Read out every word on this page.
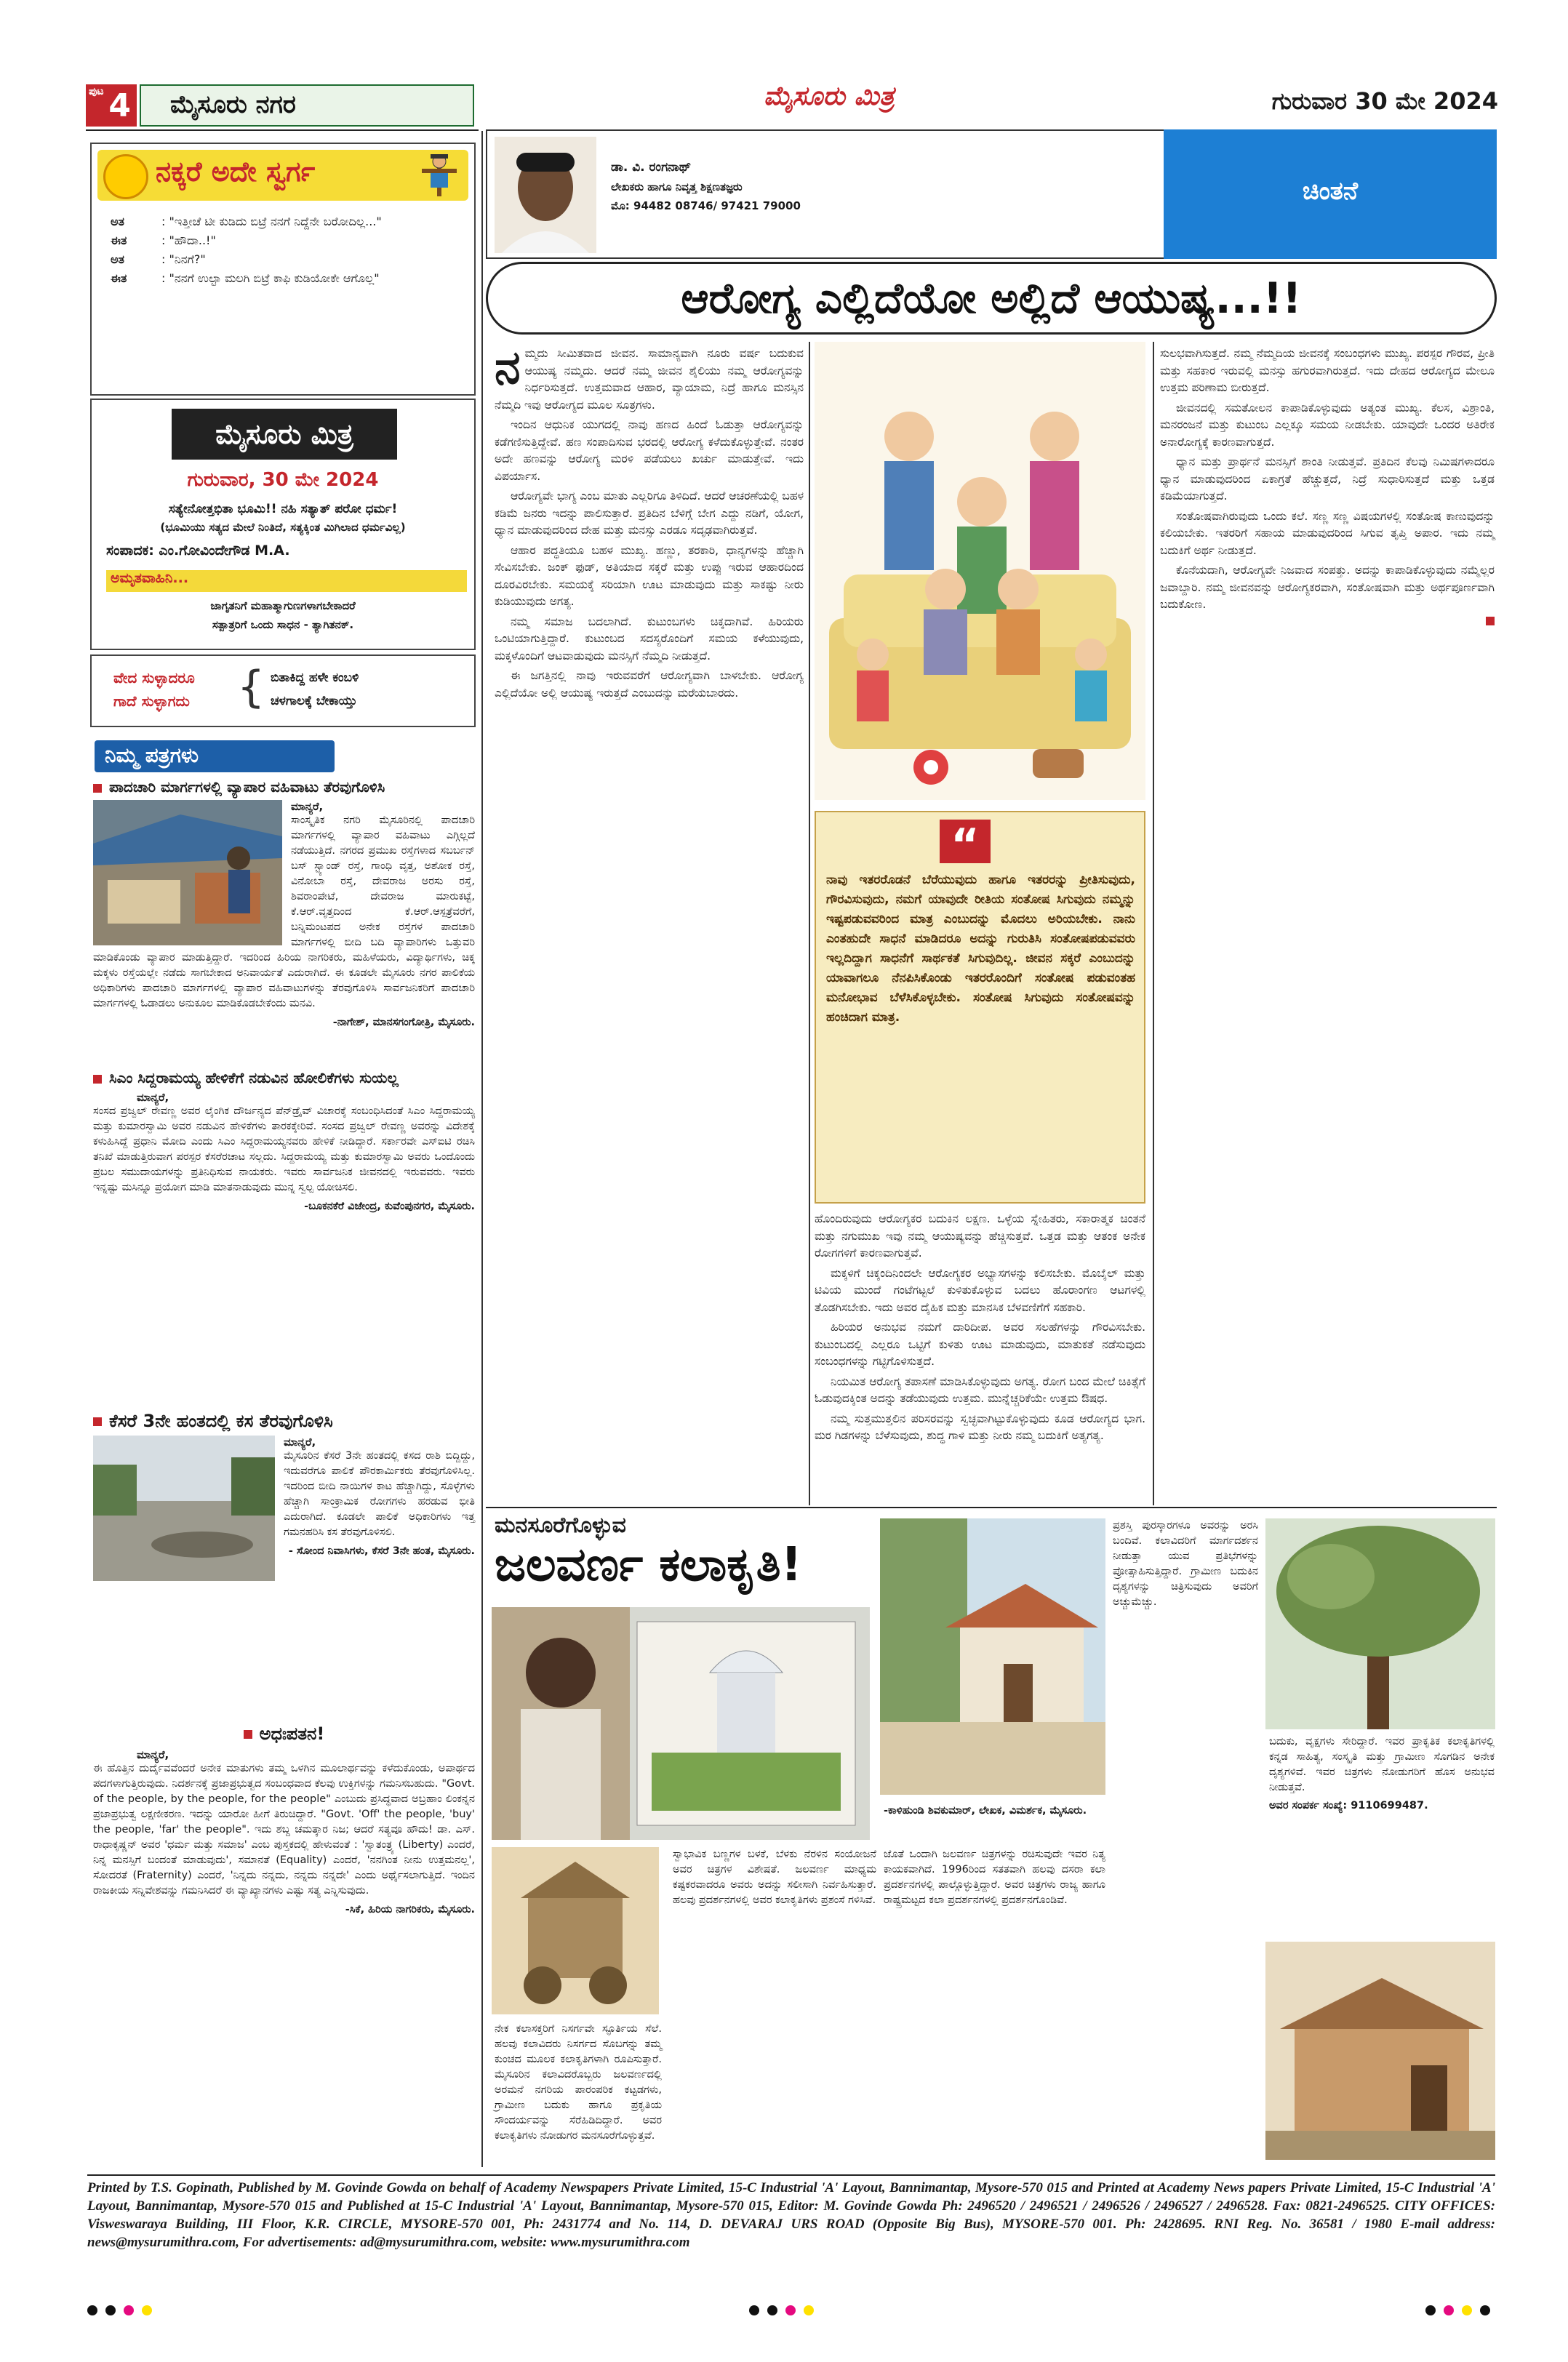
ಪುಟ 4	ಮೈಸೂರು ನಗರ	ಮೈಸೂರು ಮಿತ್ರ	ಗುರುವಾರ 30 ಮೇ 2024
ನಕ್ಕರೆ ಅದೇ ಸ್ವರ್ಗ
ಅತ	: "ಇತ್ತೀಚೆ ಟೀ ಕುಡಿದು ಬಿಟ್ರೆ ನನಗೆ ನಿದ್ದೆನೇ ಬರೋದಿಲ್ಲ..."
ಈತ	: "ಹೌದಾ..!"
ಅತ	: "ನಿನಗೆ?"
ಈತ	: "ನನಗೆ ಉಲ್ಟಾ ಮಲಗಿ ಬಿಟ್ರೆ ಕಾಫಿ ಕುಡಿಯೋಕೇ ಆಗೊಲ್ಲ"
ಮೈಸೂರು ಮಿತ್ರ
ಗುರುವಾರ, 30 ಮೇ 2024
ಸತ್ಯೇನೋತ್ತಭಿತಾ ಭೂಮಿ!! ನಹಿ ಸತ್ಯಾತ್ ಪರೋ ಧರ್ಮ!
(ಭೂಮಿಯು ಸತ್ಯದ ಮೇಲೆ ನಿಂತಿದೆ, ಸತ್ಯಕ್ಕಿಂತ ಮಿಗಿಲಾದ ಧರ್ಮವಿಲ್ಲ)
ಸಂಪಾದಕ: ಎಂ.ಗೋವಿಂದೇಗೌಡ M.A.
ಅಮೃತವಾಹಿನಿ...
ಜಾಗೃತನಿಗೆ ಮಹಾತ್ಮಾಗುಣಗಳಾಗಬೇಕಾದರೆ
ಸತ್ಪಾತ್ರರಿಗೆ ಒಂದು ಸಾಧನ - ತ್ಯಾಗಿತನಕ್.
ವೇದ ಸುಳ್ಳಾದರೂ
ಗಾದೆ ಸುಳ್ಳಾಗದು { ಬಿತಾಕಿದ್ದ ಹಳೇ ಕಂಬಳಿ
ಚಳಗಾಲಕ್ಕೆ ಬೇಕಾಯ್ತು
ನಿಮ್ಮ ಪತ್ರಗಳು
ಪಾದಚಾರಿ ಮಾರ್ಗಗಳಲ್ಲಿ ವ್ಯಾಪಾರ ವಹಿವಾಟು ತೆರವುಗೊಳಿಸಿ

ಮಾನ್ಯರೆ,

ಸಾಂಸ್ಕೃತಿಕ ನಗರಿ ಮೈಸೂರಿನಲ್ಲಿ ಪಾದಚಾರಿ ಮಾರ್ಗಗಳಲ್ಲಿ ವ್ಯಾಪಾರ ವಹಿವಾಟು ಎಗ್ಗಿಲ್ಲದೆ ನಡೆಯುತ್ತಿದೆ. ನಗರದ ಪ್ರಮುಖ ರಸ್ತೆಗಳಾದ ಸಬರ್ಬನ್ ಬಸ್ ಸ್ಟ್ಯಾಂಡ್ ರಸ್ತೆ, ಗಾಂಧಿ ವೃತ್ತ, ಅಶೋಕ ರಸ್ತೆ, ವಿನೋಬಾ ರಸ್ತೆ, ದೇವರಾಜ ಅರಸು ರಸ್ತೆ, ಶಿವರಾಂಪೇಟೆ, ದೇವರಾಜ ಮಾರುಕಟ್ಟೆ, ಕೆ.ಆರ್.ವೃತ್ತದಿಂದ ಕೆ.ಆರ್.ಆಸ್ಪತ್ರೆವರೆಗೆ, ಬನ್ನಿಮಂಟಪದ ಅನೇಕ ರಸ್ತೆಗಳ ಪಾದಚಾರಿ ಮಾರ್ಗಗಳಲ್ಲಿ ಬೀದಿ ಬದಿ ವ್ಯಾಪಾರಿಗಳು ಒತ್ತುವರಿ ಮಾಡಿಕೊಂಡು ವ್ಯಾಪಾರ ಮಾಡುತ್ತಿದ್ದಾರೆ. ಇದರಿಂದ ಹಿರಿಯ ನಾಗರಿಕರು, ಮಹಿಳೆಯರು, ವಿದ್ಯಾರ್ಥಿಗಳು, ಚಿಕ್ಕ ಮಕ್ಕಳು ರಸ್ತೆಯಲ್ಲೇ ನಡೆದು ಸಾಗಬೇಕಾದ ಅನಿವಾರ್ಯತೆ ಎದುರಾಗಿದೆ. ಈ ಕೂಡಲೇ ಮೈಸೂರು ನಗರ ಪಾಲಿಕೆಯ ಅಧಿಕಾರಿಗಳು ಪಾದಚಾರಿ ಮಾರ್ಗಗಳಲ್ಲಿ ವ್ಯಾಪಾರ ವಹಿವಾಟುಗಳನ್ನು ತೆರವುಗೊಳಿಸಿ ಸಾರ್ವಜನಿಕರಿಗೆ ಪಾದಚಾರಿ ಮಾರ್ಗಗಳಲ್ಲಿ ಓಡಾಡಲು ಅನುಕೂಲ ಮಾಡಿಕೊಡಬೇಕೆಂದು ಮನವಿ.

-ನಾಗೇಶ್, ಮಾನಸಗಂಗೋತ್ರಿ, ಮೈಸೂರು.

ಸಿಎಂ ಸಿದ್ದರಾಮಯ್ಯ ಹೇಳಿಕೆಗೆ ನಡುವಿನ ಹೋಲಿಕೆಗಳು ಸುಯಲ್ಲ

ಮಾನ್ಯರೆ,

ಸಂಸದ ಪ್ರಜ್ವಲ್ ರೇವಣ್ಣ ಅವರ ಲೈಂಗಿಕ ದೌರ್ಜನ್ಯದ ಪೆನ್‌ಡ್ರೈವ್ ವಿಚಾರಕ್ಕೆ ಸಂಬಂಧಿಸಿದಂತೆ ಸಿಎಂ ಸಿದ್ದರಾಮಯ್ಯ ಮತ್ತು ಕುಮಾರಸ್ವಾಮಿ ಅವರ ನಡುವಿನ ಹೇಳಿಕೆಗಳು ತಾರಕಕ್ಕೇರಿವೆ. ಸಂಸದ ಪ್ರಜ್ವಲ್ ರೇವಣ್ಣ ಅವರನ್ನು ವಿದೇಶಕ್ಕೆ ಕಳುಹಿಸಿದ್ದೆ ಪ್ರಧಾನಿ ಮೋದಿ ಎಂದು ಸಿಎಂ ಸಿದ್ದರಾಮಯ್ಯನವರು ಹೇಳಿಕೆ ನೀಡಿದ್ದಾರೆ. ಸರ್ಕಾರವೇ ಎಸ್‌ಐಟಿ ರಚಿಸಿ ತನಿಖೆ ಮಾಡುತ್ತಿರುವಾಗ ಪರಸ್ಪರ ಕೆಸರೆರಚಾಟ ಸಲ್ಲದು. ಸಿದ್ದರಾಮಯ್ಯ ಮತ್ತು ಕುಮಾರಸ್ವಾಮಿ ಅವರು ಒಂದೊಂದು ಪ್ರಬಲ ಸಮುದಾಯಗಳನ್ನು ಪ್ರತಿನಿಧಿಸುವ ನಾಯಕರು. ಇವರು ಸಾರ್ವಜನಿಕ ಜೀವನದಲ್ಲಿ ಇರುವವರು. ಇವರು ಇನ್ನಷ್ಟು ಮಸಿನ್ನೂ ಪ್ರಯೋಗ ಮಾಡಿ ಮಾತನಾಡುವುದು ಮುನ್ನ ಸ್ವಲ್ಪ ಯೋಚಿಸಲಿ.

-ಬೂಕನಕೆರೆ ವಿಜೇಂದ್ರ, ಕುವೆಂಪುನಗರ, ಮೈಸೂರು.

ಕೆಸರೆ 3ನೇ ಹಂತದಲ್ಲಿ ಕಸ ತೆರವುಗೊಳಿಸಿ

ಮಾನ್ಯರೆ,

ಮೈಸೂರಿನ ಕೆಸರೆ 3ನೇ ಹಂತದಲ್ಲಿ ಕಸದ ರಾಶಿ ಬಿದ್ದಿದ್ದು, ಇದುವರೆಗೂ ಪಾಲಿಕೆ ಪೌರಕಾರ್ಮಿಕರು ತೆರವುಗೊಳಿಸಿಲ್ಲ. ಇದರಿಂದ ಬೀದಿ ನಾಯಿಗಳ ಕಾಟ ಹೆಚ್ಚಾಗಿದ್ದು, ಸೊಳ್ಳೆಗಳು ಹೆಚ್ಚಾಗಿ ಸಾಂಕ್ರಾಮಿಕ ರೋಗಗಳು ಹರಡುವ ಭೀತಿ ಎದುರಾಗಿದೆ. ಕೂಡಲೇ ಪಾಲಿಕೆ ಅಧಿಕಾರಿಗಳು ಇತ್ತ ಗಮನಹರಿಸಿ ಕಸ ತೆರವುಗೊಳಿಸಲಿ.

- ಸೋಂದ ನಿವಾಸಿಗಳು, ಕೆಸರೆ 3ನೇ ಹಂತ, ಮೈಸೂರು.

ಅಧಃಪತನ!

ಮಾನ್ಯರೆ,

ಈ ಹೊತ್ತಿನ ದುರ್ದೈವವೆಂದರೆ ಅನೇಕ ಮಾತುಗಳು ತಮ್ಮ ಒಳಗಿನ ಮೂಲಾರ್ಥವನ್ನು ಕಳೆದುಕೊಂಡು, ಅಪಾರ್ಥದ ಪದಗಳಾಗುತ್ತಿರುವುದು. ನಿದರ್ಶನಕ್ಕೆ ಪ್ರಜಾಪ್ರಭುತ್ವದ ಸಂಬಂಧವಾದ ಕೆಲವು ಉಕ್ತಿಗಳನ್ನು ಗಮನಿಸಬಹುದು. "Govt. of the people, by the people, for the people" ಎಂಬುದು ಪ್ರಸಿದ್ಧವಾದ ಅಬ್ರಹಾಂ ಲಿಂಕನ್ನನ ಪ್ರಜಾಪ್ರಭುತ್ವ ಲಕ್ಷಣೀಕರಣ. ಇದನ್ನು ಯಾರೋ ಹೀಗೆ ತಿರುಚಿದ್ದಾರೆ. "Govt. 'Off' the people, 'buy' the people, 'far' the people". ಇದು ಶಬ್ದ ಚಮತ್ಕಾರ ನಿಜ; ಆದರೆ ಸತ್ಯವೂ ಹೌದು! ಡಾ. ಎಸ್. ರಾಧಾಕೃಷ್ಣನ್ ಅವರ 'ಧರ್ಮ ಮತ್ತು ಸಮಾಜ' ಎಂಬ ಪುಸ್ತಕದಲ್ಲಿ ಹೇಳುವಂತೆ : 'ಸ್ವಾತಂತ್ರ್ಯ (Liberty) ಎಂದರೆ, ನಿನ್ನ ಮನಸ್ಸಿಗೆ ಬಂದಂತೆ ಮಾಡುವುದು', ಸಮಾನತೆ (Equality) ಎಂದರೆ, 'ನನಗಿಂತ ನೀನು ಉತ್ತಮನಲ್ಲ', ಸೋದರತೆ (Fraternity) ಎಂದರೆ, 'ನಿನ್ನದು ನನ್ನದು, ನನ್ನದು ನನ್ನದೇ' ಎಂದು ಅರ್ಥೈಸಲಾಗುತ್ತಿದೆ. ಇಂದಿನ ರಾಜಕೀಯ ಸನ್ನಿವೇಶವನ್ನು ಗಮನಿಸಿದರೆ ಈ ವ್ಯಾಖ್ಯಾನಗಳು ಎಷ್ಟು ಸತ್ಯ ಎನ್ನಿಸುವುದು.

-ಸಿಕೆ, ಹಿರಿಯ ನಾಗರಿಕರು, ಮೈಸೂರು.

ಡಾ. ವಿ. ರಂಗನಾಥ್
ಲೇಖಕರು ಹಾಗೂ ನಿವೃತ್ತ ಶಿಕ್ಷಣತಜ್ಞರು
ಮೊ: 94482 08746/ 97421 79000	ಚಿಂತನೆ
ಆರೋಗ್ಯ ಎಲ್ಲಿದೆಯೋ ಅಲ್ಲಿದೆ ಆಯುಷ್ಯ...!!
ನ ಮ್ಮದು ಸೀಮಿತವಾದ ಜೀವನ. ಸಾಮಾನ್ಯವಾಗಿ ನೂರು ವರ್ಷ ಬದುಕುವ ಆಯುಷ್ಯ ನಮ್ಮದು. ಆದರೆ ನಮ್ಮ ಜೀವನ ಶೈಲಿಯು ನಮ್ಮ ಆರೋಗ್ಯವನ್ನು ನಿರ್ಧರಿಸುತ್ತದೆ. ಉತ್ತಮವಾದ ಆಹಾರ, ವ್ಯಾಯಾಮ, ನಿದ್ರೆ ಹಾಗೂ ಮನಸ್ಸಿನ ನೆಮ್ಮದಿ ಇವು ಆರೋಗ್ಯದ ಮೂಲ ಸೂತ್ರಗಳು.

ಇಂದಿನ ಆಧುನಿಕ ಯುಗದಲ್ಲಿ ನಾವು ಹಣದ ಹಿಂದೆ ಓಡುತ್ತಾ ಆರೋಗ್ಯವನ್ನು ಕಡೆಗಣಿಸುತ್ತಿದ್ದೇವೆ. ಹಣ ಸಂಪಾದಿಸುವ ಭರದಲ್ಲಿ ಆರೋಗ್ಯ ಕಳೆದುಕೊಳ್ಳುತ್ತೇವೆ. ನಂತರ ಅದೇ ಹಣವನ್ನು ಆರೋಗ್ಯ ಮರಳಿ ಪಡೆಯಲು ಖರ್ಚು ಮಾಡುತ್ತೇವೆ. ಇದು ವಿಪರ್ಯಾಸ.

ಆರೋಗ್ಯವೇ ಭಾಗ್ಯ ಎಂಬ ಮಾತು ಎಲ್ಲರಿಗೂ ತಿಳಿದಿದೆ. ಆದರೆ ಆಚರಣೆಯಲ್ಲಿ ಬಹಳ ಕಡಿಮೆ ಜನರು ಇದನ್ನು ಪಾಲಿಸುತ್ತಾರೆ. ಪ್ರತಿದಿನ ಬೆಳಿಗ್ಗೆ ಬೇಗ ಎದ್ದು ನಡಿಗೆ, ಯೋಗ, ಧ್ಯಾನ ಮಾಡುವುದರಿಂದ ದೇಹ ಮತ್ತು ಮನಸ್ಸು ಎರಡೂ ಸದೃಢವಾಗಿರುತ್ತವೆ.

ಆಹಾರ ಪದ್ಧತಿಯೂ ಬಹಳ ಮುಖ್ಯ. ಹಣ್ಣು, ತರಕಾರಿ, ಧಾನ್ಯಗಳನ್ನು ಹೆಚ್ಚಾಗಿ ಸೇವಿಸಬೇಕು. ಜಂಕ್ ಫುಡ್, ಅತಿಯಾದ ಸಕ್ಕರೆ ಮತ್ತು ಉಪ್ಪು ಇರುವ ಆಹಾರದಿಂದ ದೂರವಿರಬೇಕು. ಸಮಯಕ್ಕೆ ಸರಿಯಾಗಿ ಊಟ ಮಾಡುವುದು ಮತ್ತು ಸಾಕಷ್ಟು ನೀರು ಕುಡಿಯುವುದು ಅಗತ್ಯ.

ನಮ್ಮ ಸಮಾಜ ಬದಲಾಗಿದೆ. ಕುಟುಂಬಗಳು ಚಿಕ್ಕದಾಗಿವೆ. ಹಿರಿಯರು ಒಂಟಿಯಾಗುತ್ತಿದ್ದಾರೆ. ಕುಟುಂಬದ ಸದಸ್ಯರೊಂದಿಗೆ ಸಮಯ ಕಳೆಯುವುದು, ಮಕ್ಕಳೊಂದಿಗೆ ಆಟವಾಡುವುದು ಮನಸ್ಸಿಗೆ ನೆಮ್ಮದಿ ನೀಡುತ್ತದೆ.

ಈ ಜಗತ್ತಿನಲ್ಲಿ ನಾವು ಇರುವವರೆಗೆ ಆರೋಗ್ಯವಾಗಿ ಬಾಳಬೇಕು. ಆರೋಗ್ಯ ಎಲ್ಲಿದೆಯೋ ಅಲ್ಲಿ ಆಯುಷ್ಯ ಇರುತ್ತದೆ ಎಂಬುದನ್ನು ಮರೆಯಬಾರದು.

“
ನಾವು ಇತರರೊಡನೆ ಬೆರೆಯುವುದು ಹಾಗೂ ಇತರರನ್ನು ಪ್ರೀತಿಸುವುದು, ಗೌರವಿಸುವುದು, ನಮಗೆ ಯಾವುದೇ ರೀತಿಯ ಸಂತೋಷ ಸಿಗುವುದು ನಮ್ಮನ್ನು ಇಷ್ಟಪಡುವವರಿಂದ ಮಾತ್ರ ಎಂಬುದನ್ನು ಮೊದಲು ಅರಿಯಬೇಕು. ನಾನು ಎಂತಹುದೇ ಸಾಧನೆ ಮಾಡಿದರೂ ಅದನ್ನು ಗುರುತಿಸಿ ಸಂತೋಷಪಡುವವರು ಇಲ್ಲದಿದ್ದಾಗ ಸಾಧನೆಗೆ ಸಾರ್ಥಕತೆ ಸಿಗುವುದಿಲ್ಲ. ಜೀವನ ಸಕ್ಕರೆ ಎಂಬುದನ್ನು ಯಾವಾಗಲೂ ನೆನಪಿಸಿಕೊಂಡು ಇತರರೊಂದಿಗೆ ಸಂತೋಷ ಪಡುವಂತಹ ಮನೋಭಾವ ಬೆಳೆಸಿಕೊಳ್ಳಬೇಕು. ಸಂತೋಷ ಸಿಗುವುದು ಸಂತೋಷವನ್ನು ಹಂಚಿದಾಗ ಮಾತ್ರ.

ಹೊಂದಿರುವುದು ಆರೋಗ್ಯಕರ ಬದುಕಿನ ಲಕ್ಷಣ. ಒಳ್ಳೆಯ ಸ್ನೇಹಿತರು, ಸಕಾರಾತ್ಮಕ ಚಿಂತನೆ ಮತ್ತು ನಗುಮುಖ ಇವು ನಮ್ಮ ಆಯುಷ್ಯವನ್ನು ಹೆಚ್ಚಿಸುತ್ತವೆ. ಒತ್ತಡ ಮತ್ತು ಆತಂಕ ಅನೇಕ ರೋಗಗಳಿಗೆ ಕಾರಣವಾಗುತ್ತವೆ.

ಮಕ್ಕಳಿಗೆ ಚಿಕ್ಕಂದಿನಿಂದಲೇ ಆರೋಗ್ಯಕರ ಅಭ್ಯಾಸಗಳನ್ನು ಕಲಿಸಬೇಕು. ಮೊಬೈಲ್ ಮತ್ತು ಟಿವಿಯ ಮುಂದೆ ಗಂಟೆಗಟ್ಟಲೆ ಕುಳಿತುಕೊಳ್ಳುವ ಬದಲು ಹೊರಾಂಗಣ ಆಟಗಳಲ್ಲಿ ತೊಡಗಿಸಬೇಕು. ಇದು ಅವರ ದೈಹಿಕ ಮತ್ತು ಮಾನಸಿಕ ಬೆಳವಣಿಗೆಗೆ ಸಹಕಾರಿ.

ಹಿರಿಯರ ಅನುಭವ ನಮಗೆ ದಾರಿದೀಪ. ಅವರ ಸಲಹೆಗಳನ್ನು ಗೌರವಿಸಬೇಕು. ಕುಟುಂಬದಲ್ಲಿ ಎಲ್ಲರೂ ಒಟ್ಟಿಗೆ ಕುಳಿತು ಊಟ ಮಾಡುವುದು, ಮಾತುಕತೆ ನಡೆಸುವುದು ಸಂಬಂಧಗಳನ್ನು ಗಟ್ಟಿಗೊಳಿಸುತ್ತದೆ.

ನಿಯಮಿತ ಆರೋಗ್ಯ ತಪಾಸಣೆ ಮಾಡಿಸಿಕೊಳ್ಳುವುದು ಅಗತ್ಯ. ರೋಗ ಬಂದ ಮೇಲೆ ಚಿಕಿತ್ಸೆಗೆ ಓಡುವುದಕ್ಕಿಂತ ಅದನ್ನು ತಡೆಯುವುದು ಉತ್ತಮ. ಮುನ್ನೆಚ್ಚರಿಕೆಯೇ ಉತ್ತಮ ಔಷಧ.

ನಮ್ಮ ಸುತ್ತಮುತ್ತಲಿನ ಪರಿಸರವನ್ನು ಸ್ವಚ್ಛವಾಗಿಟ್ಟುಕೊಳ್ಳುವುದು ಕೂಡ ಆರೋಗ್ಯದ ಭಾಗ. ಮರ ಗಿಡಗಳನ್ನು ಬೆಳೆಸುವುದು, ಶುದ್ಧ ಗಾಳಿ ಮತ್ತು ನೀರು ನಮ್ಮ ಬದುಕಿಗೆ ಅತ್ಯಗತ್ಯ.

ಸುಲಭವಾಗಿಸುತ್ತದೆ. ನಮ್ಮ ನೆಮ್ಮದಿಯ ಜೀವನಕ್ಕೆ ಸಂಬಂಧಗಳು ಮುಖ್ಯ. ಪರಸ್ಪರ ಗೌರವ, ಪ್ರೀತಿ ಮತ್ತು ಸಹಕಾರ ಇರುವಲ್ಲಿ ಮನಸ್ಸು ಹಗುರವಾಗಿರುತ್ತದೆ. ಇದು ದೇಹದ ಆರೋಗ್ಯದ ಮೇಲೂ ಉತ್ತಮ ಪರಿಣಾಮ ಬೀರುತ್ತದೆ.

ಜೀವನದಲ್ಲಿ ಸಮತೋಲನ ಕಾಪಾಡಿಕೊಳ್ಳುವುದು ಅತ್ಯಂತ ಮುಖ್ಯ. ಕೆಲಸ, ವಿಶ್ರಾಂತಿ, ಮನರಂಜನೆ ಮತ್ತು ಕುಟುಂಬ ಎಲ್ಲಕ್ಕೂ ಸಮಯ ನೀಡಬೇಕು. ಯಾವುದೇ ಒಂದರ ಅತಿರೇಕ ಅನಾರೋಗ್ಯಕ್ಕೆ ಕಾರಣವಾಗುತ್ತದೆ.

ಧ್ಯಾನ ಮತ್ತು ಪ್ರಾರ್ಥನೆ ಮನಸ್ಸಿಗೆ ಶಾಂತಿ ನೀಡುತ್ತವೆ. ಪ್ರತಿದಿನ ಕೆಲವು ನಿಮಿಷಗಳಾದರೂ ಧ್ಯಾನ ಮಾಡುವುದರಿಂದ ಏಕಾಗ್ರತೆ ಹೆಚ್ಚುತ್ತದೆ, ನಿದ್ರೆ ಸುಧಾರಿಸುತ್ತದೆ ಮತ್ತು ಒತ್ತಡ ಕಡಿಮೆಯಾಗುತ್ತದೆ.

ಸಂತೋಷವಾಗಿರುವುದು ಒಂದು ಕಲೆ. ಸಣ್ಣ ಸಣ್ಣ ವಿಷಯಗಳಲ್ಲಿ ಸಂತೋಷ ಕಾಣುವುದನ್ನು ಕಲಿಯಬೇಕು. ಇತರರಿಗೆ ಸಹಾಯ ಮಾಡುವುದರಿಂದ ಸಿಗುವ ತೃಪ್ತಿ ಅಪಾರ. ಇದು ನಮ್ಮ ಬದುಕಿಗೆ ಅರ್ಥ ನೀಡುತ್ತದೆ.

ಕೊನೆಯದಾಗಿ, ಆರೋಗ್ಯವೇ ನಿಜವಾದ ಸಂಪತ್ತು. ಅದನ್ನು ಕಾಪಾಡಿಕೊಳ್ಳುವುದು ನಮ್ಮೆಲ್ಲರ ಜವಾಬ್ದಾರಿ. ನಮ್ಮ ಜೀವನವನ್ನು ಆರೋಗ್ಯಕರವಾಗಿ, ಸಂತೋಷವಾಗಿ ಮತ್ತು ಅರ್ಥಪೂರ್ಣವಾಗಿ ಬದುಕೋಣ.

ಮನಸೂರೆಗೊಳ್ಳುವ
ಜಲವರ್ಣ ಕಲಾಕೃತಿ!

ನೇಕ ಕಲಾಸಕ್ತರಿಗೆ ನಿಸರ್ಗವೇ ಸ್ಫೂರ್ತಿಯ ಸೆಲೆ. ಹಲವು ಕಲಾವಿದರು ನಿಸರ್ಗದ ಸೊಬಗನ್ನು ತಮ್ಮ ಕುಂಚದ ಮೂಲಕ ಕಲಾಕೃತಿಗಳಾಗಿ ರೂಪಿಸುತ್ತಾರೆ. ಮೈಸೂರಿನ ಕಲಾವಿದರೊಬ್ಬರು ಜಲವರ್ಣದಲ್ಲಿ ಅರಮನೆ ನಗರಿಯ ಪಾರಂಪರಿಕ ಕಟ್ಟಡಗಳು, ಗ್ರಾಮೀಣ ಬದುಕು ಹಾಗೂ ಪ್ರಕೃತಿಯ ಸೌಂದರ್ಯವನ್ನು ಸೆರೆಹಿಡಿದಿದ್ದಾರೆ. ಅವರ ಕಲಾಕೃತಿಗಳು ನೋಡುಗರ ಮನಸೂರೆಗೊಳ್ಳುತ್ತವೆ.

ಸ್ವಾಭಾವಿಕ ಬಣ್ಣಗಳ ಬಳಕೆ, ಬೆಳಕು ನೆರಳಿನ ಸಂಯೋಜನೆ ಅವರ ಚಿತ್ರಗಳ ವಿಶೇಷತೆ. ಜಲವರ್ಣ ಮಾಧ್ಯಮ ಕಷ್ಟಕರವಾದರೂ ಅವರು ಅದನ್ನು ಸಲೀಸಾಗಿ ನಿರ್ವಹಿಸುತ್ತಾರೆ. ಹಲವು ಪ್ರದರ್ಶನಗಳಲ್ಲಿ ಅವರ ಕಲಾಕೃತಿಗಳು ಪ್ರಶಂಸೆ ಗಳಿಸಿವೆ.

-ಕಾಳಿಹುಂಡಿ ಶಿವಕುಮಾರ್, ಲೇಖಕ, ವಿಮರ್ಶಕ, ಮೈಸೂರು.

ಜೊತೆ ಒಂದಾಗಿ ಜಲವರ್ಣ ಚಿತ್ರಗಳನ್ನು ರಚಿಸುವುದೇ ಇವರ ನಿತ್ಯ ಕಾಯಕವಾಗಿದೆ. 1996ರಿಂದ ಸತತವಾಗಿ ಹಲವು ದಸರಾ ಕಲಾ ಪ್ರದರ್ಶನಗಳಲ್ಲಿ ಪಾಲ್ಗೊಳ್ಳುತ್ತಿದ್ದಾರೆ. ಅವರ ಚಿತ್ರಗಳು ರಾಜ್ಯ ಹಾಗೂ ರಾಷ್ಟ್ರಮಟ್ಟದ ಕಲಾ ಪ್ರದರ್ಶನಗಳಲ್ಲಿ ಪ್ರದರ್ಶನಗೊಂಡಿವೆ.

ಪ್ರಶಸ್ತಿ ಪುರಸ್ಕಾರಗಳೂ ಅವರನ್ನು ಅರಸಿ ಬಂದಿವೆ. ಕಲಾವಿದರಿಗೆ ಮಾರ್ಗದರ್ಶನ ನೀಡುತ್ತಾ ಯುವ ಪ್ರತಿಭೆಗಳನ್ನು ಪ್ರೋತ್ಸಾಹಿಸುತ್ತಿದ್ದಾರೆ. ಗ್ರಾಮೀಣ ಬದುಕಿನ ದೃಶ್ಯಗಳನ್ನು ಚಿತ್ರಿಸುವುದು ಅವರಿಗೆ ಅಚ್ಚುಮೆಚ್ಚು.

ಬದುಕು, ವೃಕ್ಷಗಳು ಸೇರಿದ್ದಾರೆ. ಇವರ ಪ್ರಾಕೃತಿಕ ಕಲಾಕೃತಿಗಳಲ್ಲಿ ಕನ್ನಡ ಸಾಹಿತ್ಯ, ಸಂಸ್ಕೃತಿ ಮತ್ತು ಗ್ರಾಮೀಣ ಸೊಗಡಿನ ಅನೇಕ ದೃಶ್ಯಗಳಿವೆ. ಇವರ ಚಿತ್ರಗಳು ನೋಡುಗರಿಗೆ ಹೊಸ ಅನುಭವ ನೀಡುತ್ತವೆ.

ಅವರ ಸಂಪರ್ಕ ಸಂಖ್ಯೆ: 9110699487.

Printed by T.S. Gopinath, Published by M. Govinde Gowda on behalf of Academy Newspapers Private Limited, 15-C Industrial 'A' Layout, Bannimantap, Mysore-570 015 and Printed at Academy News papers Private Limited, 15-C Industrial 'A' Layout, Bannimantap, Mysore-570 015 and Published at 15-C Industrial 'A' Layout, Bannimantap, Mysore-570 015, Editor: M. Govinde Gowda Ph: 2496520 / 2496521 / 2496526 / 2496527 / 2496528. Fax: 0821-2496525. CITY OFFICES: Visweswaraya Building, III Floor, K.R. CIRCLE, MYSORE-570 001, Ph: 2431774 and No. 114, D. DEVARAJ URS ROAD (Opposite Big Bus), MYSORE-570 001. Ph: 2428695. RNI Reg. No. 36581 / 1980 E-mail address: news@mysurumithra.com, For advertisements: ad@mysurumithra.com, website: www.mysurumithra.com
